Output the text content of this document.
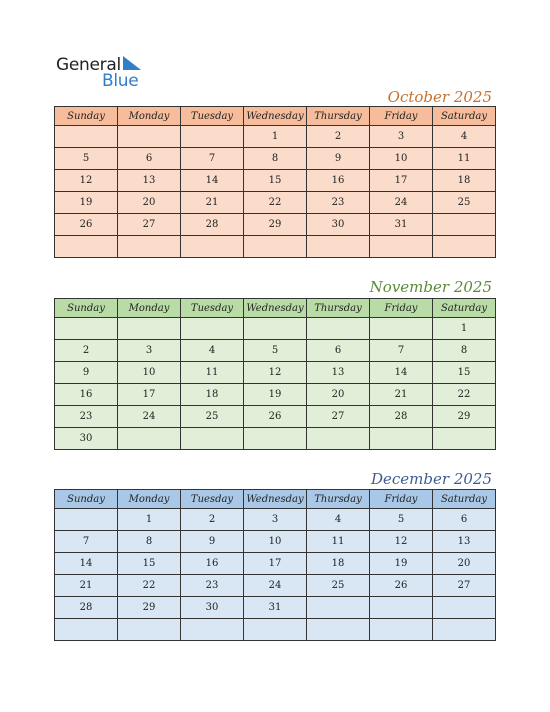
General
Blue
October 2025
Sunday	Monday	Tuesday	Wednesday	Thursday	Friday	Saturday
			1	2	3	4
5	6	7	8	9	10	11
12	13	14	15	16	17	18
19	20	21	22	23	24	25
26	27	28	29	30	31	

November 2025
Sunday	Monday	Tuesday	Wednesday	Thursday	Friday	Saturday
						1
2	3	4	5	6	7	8
9	10	11	12	13	14	15
16	17	18	19	20	21	22
23	24	25	26	27	28	29
30						
December 2025
Sunday	Monday	Tuesday	Wednesday	Thursday	Friday	Saturday
	1	2	3	4	5	6
7	8	9	10	11	12	13
14	15	16	17	18	19	20
21	22	23	24	25	26	27
28	29	30	31			
